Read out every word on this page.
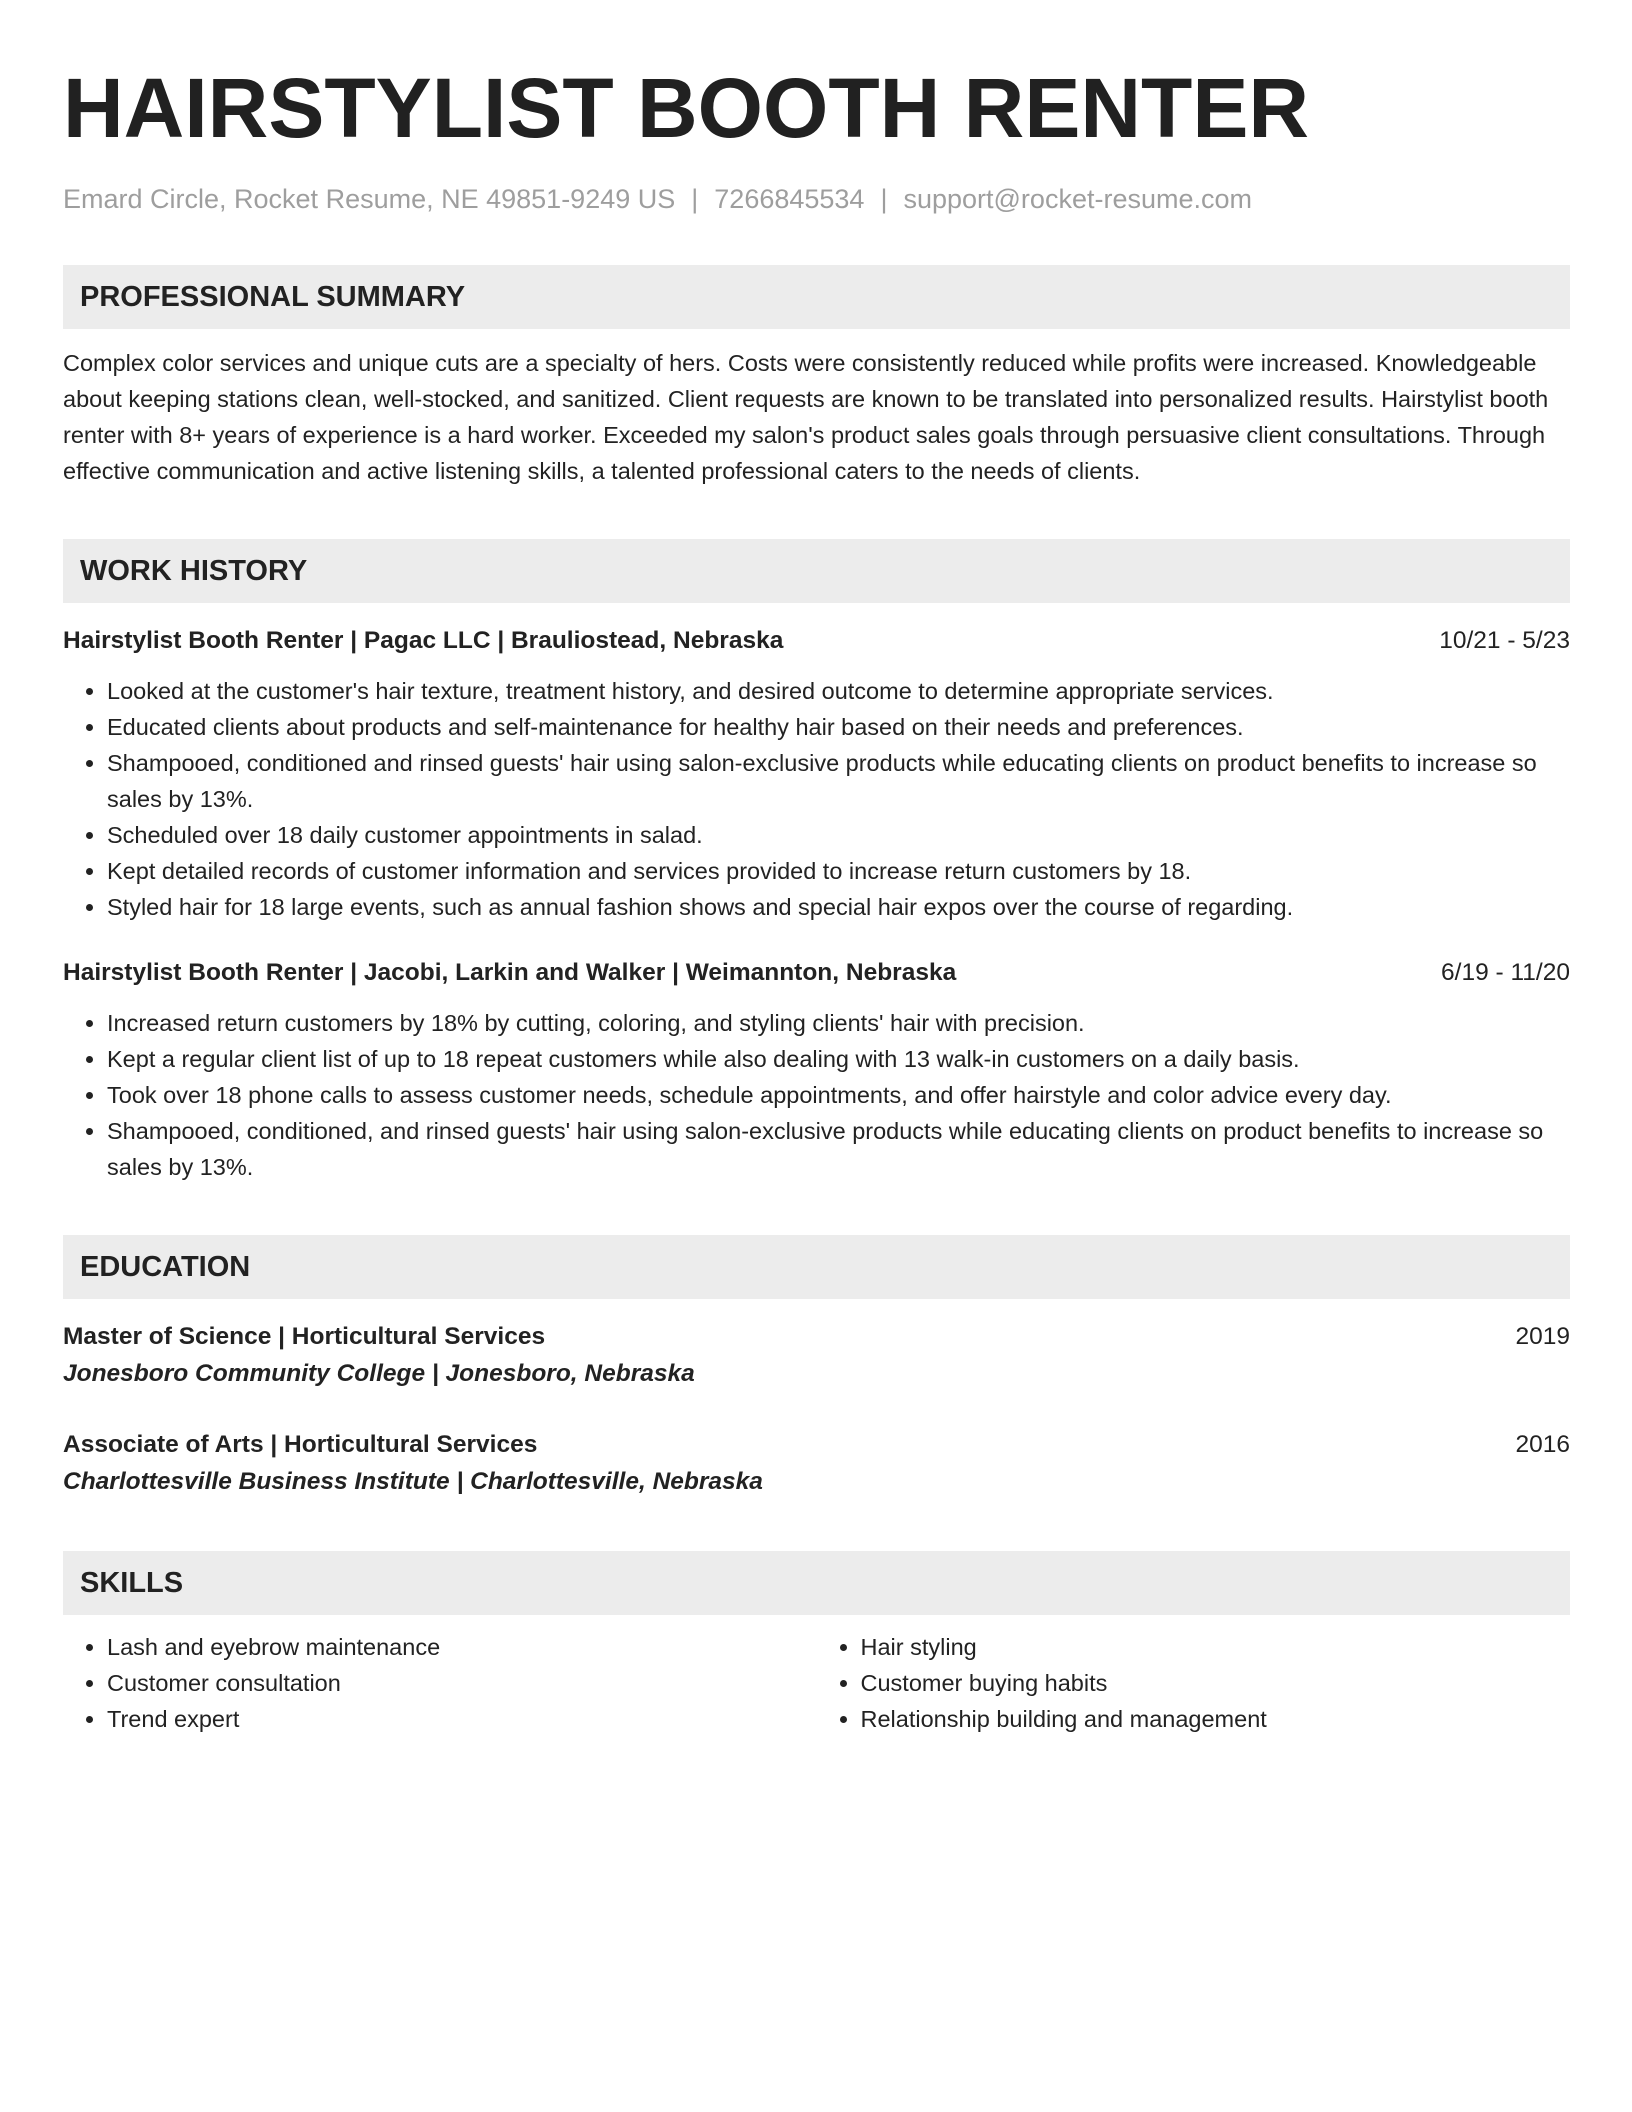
HAIRSTYLIST BOOTH RENTER
Emard Circle, Rocket Resume, NE 49851-9249 US | 7266845534 | support@rocket-resume.com
PROFESSIONAL SUMMARY

Complex color services and unique cuts are a specialty of hers. Costs were consistently reduced while profits were increased. Knowledgeable about keeping stations clean, well-stocked, and sanitized. Client requests are known to be translated into personalized results. Hairstylist booth renter with 8+ years of experience is a hard worker. Exceeded my salon's product sales goals through persuasive client consultations. Through effective communication and active listening skills, a talented professional caters to the needs of clients.

WORK HISTORY
Hairstylist Booth Renter | Pagac LLC | Brauliostead, Nebraska	10/21 - 5/23
• Looked at the customer's hair texture, treatment history, and desired outcome to determine appropriate services.
• Educated clients about products and self-maintenance for healthy hair based on their needs and preferences.
• Shampooed, conditioned and rinsed guests' hair using salon-exclusive products while educating clients on product benefits to increase so sales by 13%.
• Scheduled over 18 daily customer appointments in salad.
• Kept detailed records of customer information and services provided to increase return customers by 18.
• Styled hair for 18 large events, such as annual fashion shows and special hair expos over the course of regarding.
Hairstylist Booth Renter | Jacobi, Larkin and Walker | Weimannton, Nebraska	6/19 - 11/20
• Increased return customers by 18% by cutting, coloring, and styling clients' hair with precision.
• Kept a regular client list of up to 18 repeat customers while also dealing with 13 walk-in customers on a daily basis.
• Took over 18 phone calls to assess customer needs, schedule appointments, and offer hairstyle and color advice every day.
• Shampooed, conditioned, and rinsed guests' hair using salon-exclusive products while educating clients on product benefits to increase so sales by 13%.
EDUCATION
Master of Science | Horticultural Services	2019
Jonesboro Community College | Jonesboro, Nebraska
Associate of Arts | Horticultural Services	2016
Charlottesville Business Institute | Charlottesville, Nebraska
SKILLS
• Lash and eyebrow maintenance
• Customer consultation
• Trend expert
• Hair styling
• Customer buying habits
• Relationship building and management
